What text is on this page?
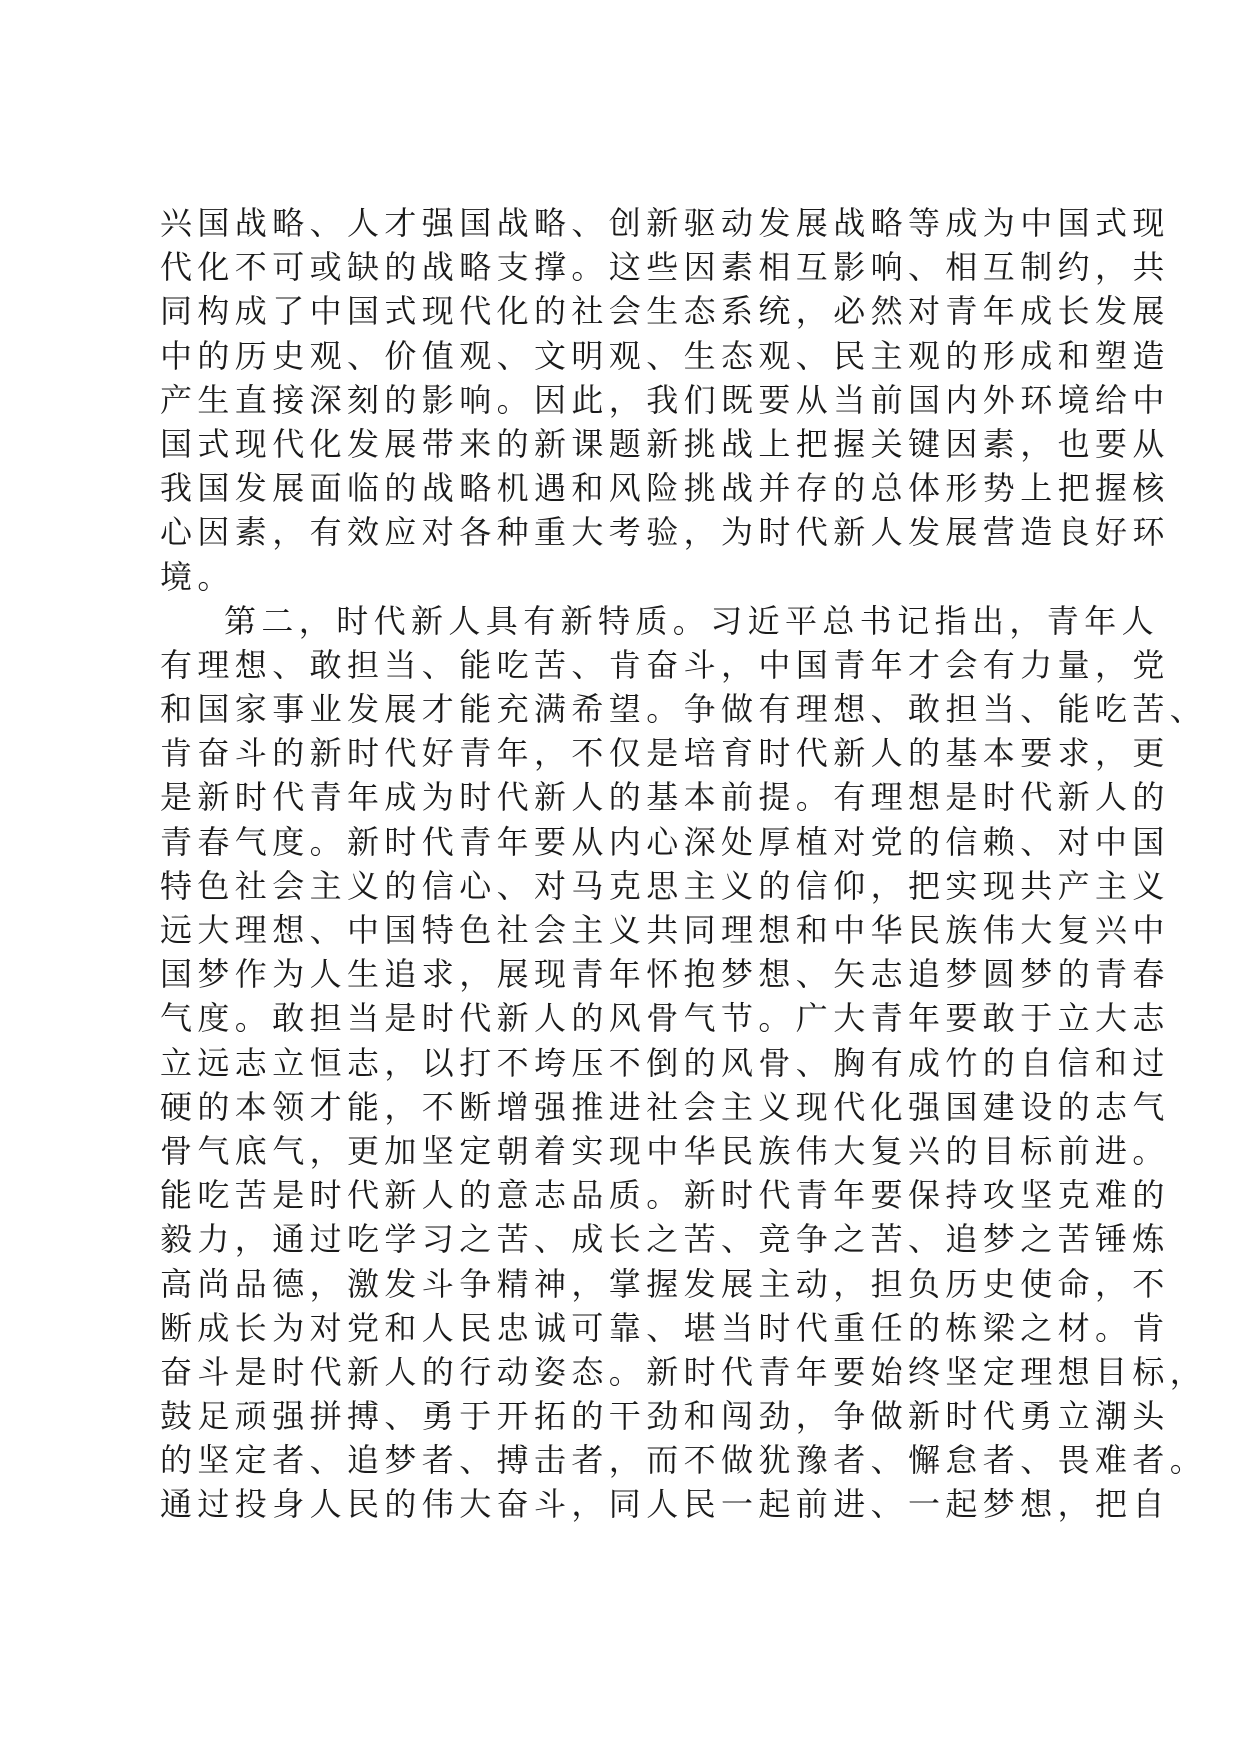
兴国战略、人才强国战略、创新驱动发展战略等成为中国式现
代化不可或缺的战略支撑。这些因素相互影响、相互制约，共
同构成了中国式现代化的社会生态系统，必然对青年成长发展
中的历史观、价值观、文明观、生态观、民主观的形成和塑造
产生直接深刻的影响。因此，我们既要从当前国内外环境给中
国式现代化发展带来的新课题新挑战上把握关键因素，也要从
我国发展面临的战略机遇和风险挑战并存的总体形势上把握核
心因素，有效应对各种重大考验，为时代新人发展营造良好环
境。
第二，时代新人具有新特质。习近平总书记指出，青年人
有理想、敢担当、能吃苦、肯奋斗，中国青年才会有力量，党
和国家事业发展才能充满希望。争做有理想、敢担当、能吃苦、
肯奋斗的新时代好青年，不仅是培育时代新人的基本要求，更
是新时代青年成为时代新人的基本前提。有理想是时代新人的
青春气度。新时代青年要从内心深处厚植对党的信赖、对中国
特色社会主义的信心、对马克思主义的信仰，把实现共产主义
远大理想、中国特色社会主义共同理想和中华民族伟大复兴中
国梦作为人生追求，展现青年怀抱梦想、矢志追梦圆梦的青春
气度。敢担当是时代新人的风骨气节。广大青年要敢于立大志
立远志立恒志，以打不垮压不倒的风骨、胸有成竹的自信和过
硬的本领才能，不断增强推进社会主义现代化强国建设的志气
骨气底气，更加坚定朝着实现中华民族伟大复兴的目标前进。
能吃苦是时代新人的意志品质。新时代青年要保持攻坚克难的
毅力，通过吃学习之苦、成长之苦、竞争之苦、追梦之苦锤炼
高尚品德，激发斗争精神，掌握发展主动，担负历史使命，不
断成长为对党和人民忠诚可靠、堪当时代重任的栋梁之材。肯
奋斗是时代新人的行动姿态。新时代青年要始终坚定理想目标，
鼓足顽强拼搏、勇于开拓的干劲和闯劲，争做新时代勇立潮头
的坚定者、追梦者、搏击者，而不做犹豫者、懈怠者、畏难者。
通过投身人民的伟大奋斗，同人民一起前进、一起梦想，把自
